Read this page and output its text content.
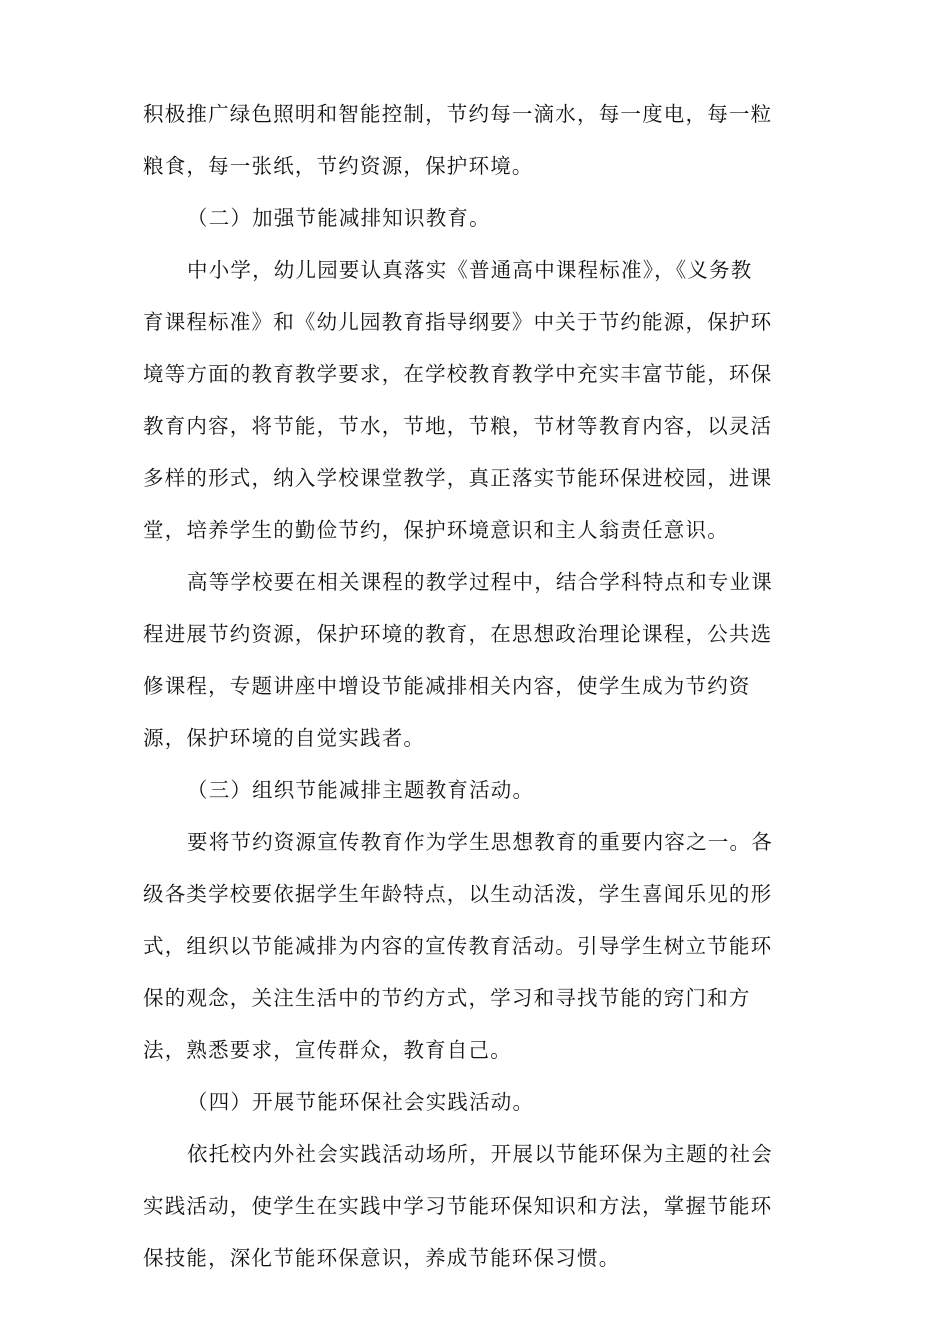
积极推广绿色照明和智能控制，节约每一滴水，每一度电，每一粒
粮食，每一张纸，节约资源，保护环境。
（二）加强节能减排知识教育。
中小学，幼儿园要认真落实《普通高中课程标准》，《义务教
育课程标准》和《幼儿园教育指导纲要》中关于节约能源，保护环
境等方面的教育教学要求，在学校教育教学中充实丰富节能，环保
教育内容，将节能，节水，节地，节粮，节材等教育内容，以灵活
多样的形式，纳入学校课堂教学，真正落实节能环保进校园，进课
堂，培养学生的勤俭节约，保护环境意识和主人翁责任意识。
高等学校要在相关课程的教学过程中，结合学科特点和专业课
程进展节约资源，保护环境的教育，在思想政治理论课程，公共选
修课程，专题讲座中增设节能减排相关内容，使学生成为节约资
源，保护环境的自觉实践者。
（三）组织节能减排主题教育活动。
要将节约资源宣传教育作为学生思想教育的重要内容之一。各
级各类学校要依据学生年龄特点，以生动活泼，学生喜闻乐见的形
式，组织以节能减排为内容的宣传教育活动。引导学生树立节能环
保的观念，关注生活中的节约方式，学习和寻找节能的窍门和方
法，熟悉要求，宣传群众，教育自己。
（四）开展节能环保社会实践活动。
依托校内外社会实践活动场所，开展以节能环保为主题的社会
实践活动，使学生在实践中学习节能环保知识和方法，掌握节能环
保技能，深化节能环保意识，养成节能环保习惯。
